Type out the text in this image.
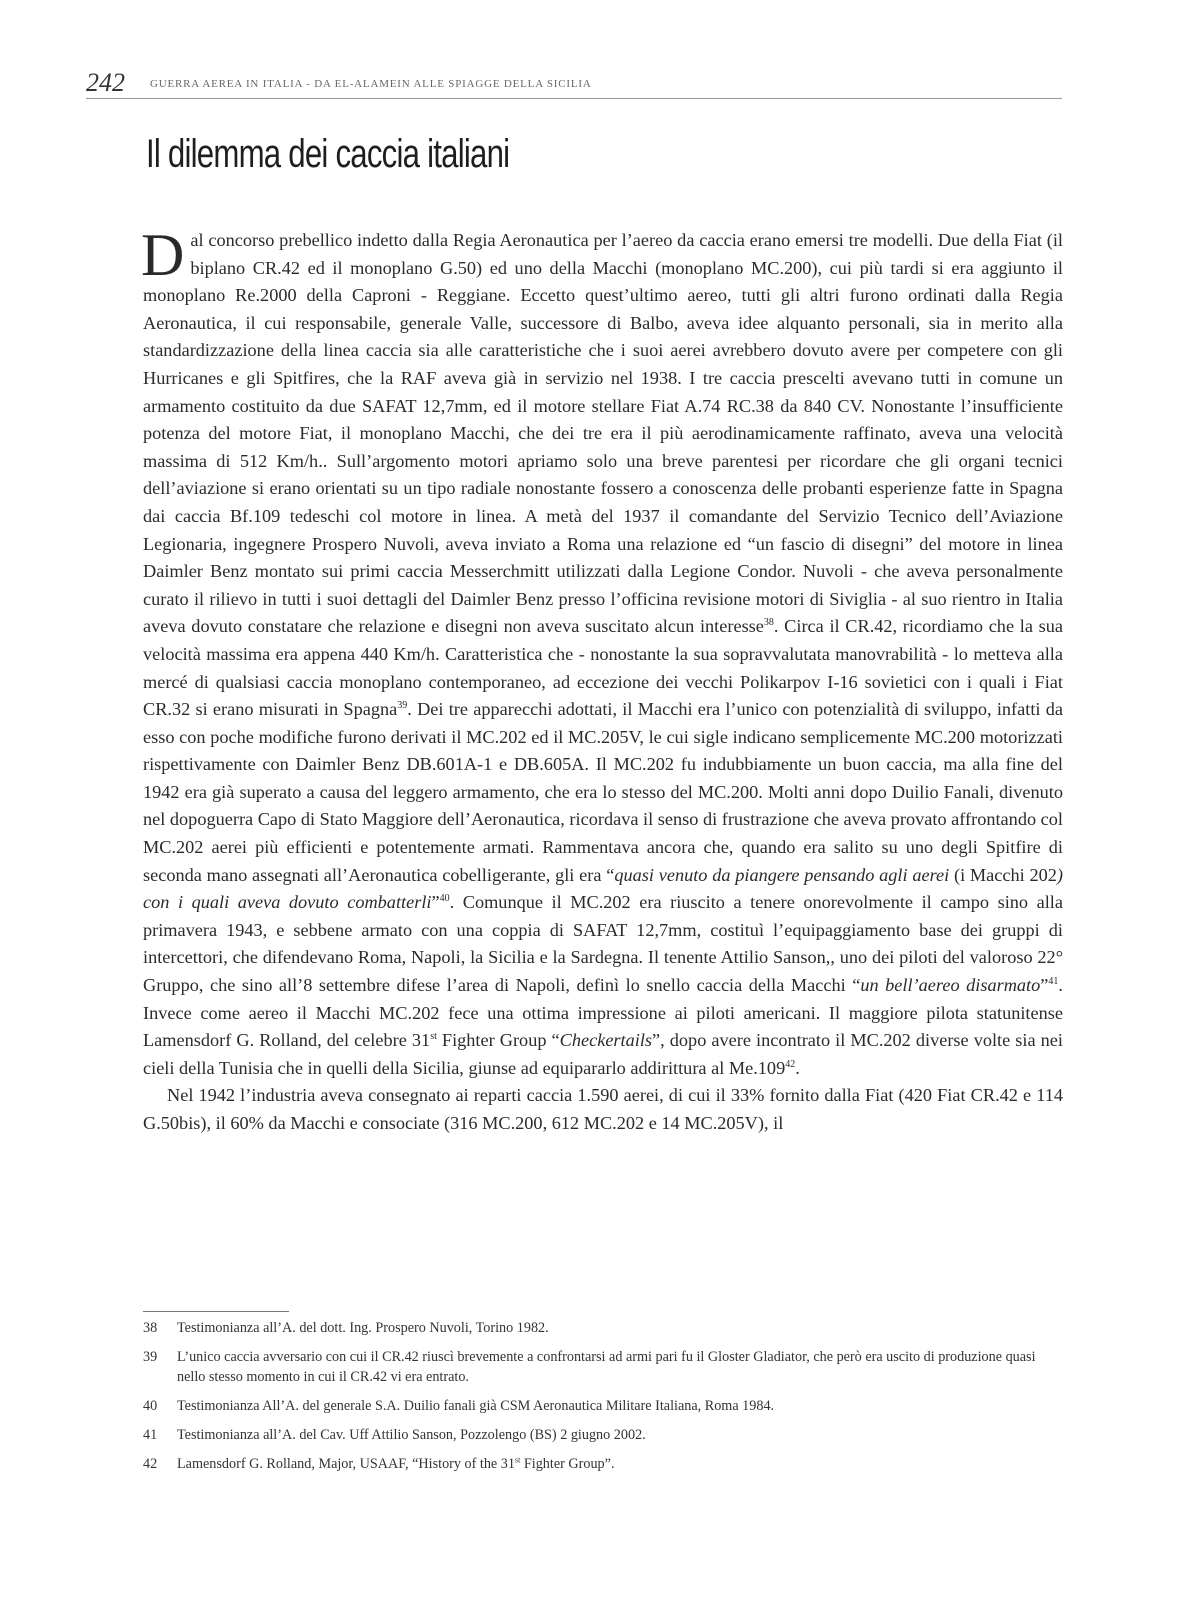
242 GUERRA AEREA IN ITALIA - DA EL-ALAMEIN ALLE SPIAGGE DELLA SICILIA
Il dilemma dei caccia italiani

Dal concorso prebellico indetto dalla Regia Aeronautica per l’aereo da caccia erano emersi tre modelli. Due della Fiat (il biplano CR.42 ed il monoplano G.50) ed uno della Macchi (monoplano MC.200), cui più tardi si era aggiunto il monoplano Re.2000 della Caproni - Reggiane. Eccetto quest’ultimo aereo, tutti gli altri furono ordinati dalla Regia Aeronautica, il cui responsabile, generale Valle, successore di Balbo, aveva idee alquanto personali, sia in merito alla standardizzazione della linea caccia sia alle caratteristiche che i suoi aerei avrebbero dovuto avere per competere con gli Hurricanes e gli Spitfires, che la RAF aveva già in servizio nel 1938. I tre caccia prescelti avevano tutti in comune un armamento costituito da due SAFAT 12,7mm, ed il motore stellare Fiat A.74 RC.38 da 840 CV. Nonostante l’insufficiente potenza del motore Fiat, il monoplano Macchi, che dei tre era il più aerodinamicamente raffinato, aveva una velocità massima di 512 Km/h.. Sull’argomento motori apriamo solo una breve parentesi per ricordare che gli organi tecnici dell’aviazione si erano orientati su un tipo radiale nonostante fossero a conoscenza delle probanti esperienze fatte in Spagna dai caccia Bf.109 tedeschi col motore in linea. A metà del 1937 il comandante del Servizio Tecnico dell’Aviazione Legionaria, ingegnere Prospero Nuvoli, aveva inviato a Roma una relazione ed “un fascio di disegni” del motore in linea Daimler Benz montato sui primi caccia Messerchmitt utilizzati dalla Legione Condor. Nuvoli - che aveva personalmente curato il rilievo in tutti i suoi dettagli del Daimler Benz presso l’officina revisione motori di Siviglia - al suo rientro in Italia aveva dovuto constatare che relazione e disegni non aveva suscitato alcun interesse$^{38}$. Circa il CR.42, ricordiamo che la sua velocità massima era appena 440 Km/h. Caratteristica che - nonostante la sua sopravvalutata manovrabilità - lo metteva alla mercé di qualsiasi caccia monoplano contemporaneo, ad eccezione dei vecchi Polikarpov I-16 sovietici con i quali i Fiat CR.32 si erano misurati in Spagna$^{39}$. Dei tre apparecchi adottati, il Macchi era l’unico con potenzialità di sviluppo, infatti da esso con poche modifiche furono derivati il MC.202 ed il MC.205V, le cui sigle indicano semplicemente MC.200 motorizzati rispettivamente con Daimler Benz DB.601A-1 e DB.605A. Il MC.202 fu indubbiamente un buon caccia, ma alla fine del 1942 era già superato a causa del leggero armamento, che era lo stesso del MC.200. Molti anni dopo Duilio Fanali, divenuto nel dopoguerra Capo di Stato Maggiore dell’Aeronautica, ricordava il senso di frustrazione che aveva provato affrontando col MC.202 aerei più efficienti e potentemente armati. Rammentava ancora che, quando era salito su uno degli Spitfire di seconda mano assegnati all’Aeronautica cobelligerante, gli era “quasi venuto da piangere pensando agli aerei (i Macchi 202) con i quali aveva dovuto combatterli”$^{40}$. Comunque il MC.202 era riuscito a tenere onorevolmente il campo sino alla primavera 1943, e sebbene armato con una coppia di SAFAT 12,7mm, costituì l’equipaggiamento base dei gruppi di intercettori, che difendevano Roma, Napoli, la Sicilia e la Sardegna. Il tenente Attilio Sanson,, uno dei piloti del valoroso 22° Gruppo, che sino all’8 settembre difese l’area di Napoli, definì lo snello caccia della Macchi “un bell’aereo disarmato”$^{41}$. Invece come aereo il Macchi MC.202 fece una ottima impressione ai piloti americani. Il maggiore pilota statunitense Lamensdorf G. Rolland, del celebre 31st Fighter Group “Checkertails”, dopo avere incontrato il MC.202 diverse volte sia nei cieli della Tunisia che in quelli della Sicilia, giunse ad equipararlo addirittura al Me.109$^{42}$.

Nel 1942 l’industria aveva consegnato ai reparti caccia 1.590 aerei, di cui il 33% fornito dalla Fiat (420 Fiat CR.42 e 114 G.50bis), il 60% da Macchi e consociate (316 MC.200, 612 MC.202 e 14 MC.205V), il

38 Testimonianza all’A. del dott. Ing. Prospero Nuvoli, Torino 1982.
39 L’unico caccia avversario con cui il CR.42 riuscì brevemente a confrontarsi ad armi pari fu il Gloster Gladiator, che però era uscito di produzione quasi nello stesso momento in cui il CR.42 vi era entrato.
40 Testimonianza All’A. del generale S.A. Duilio fanali già CSM Aeronautica Militare Italiana, Roma 1984.
41 Testimonianza all’A. del Cav. Uff Attilio Sanson, Pozzolengo (BS) 2 giugno 2002.
42 Lamensdorf G. Rolland, Major, USAAF, “History of the 31st Fighter Group”.
